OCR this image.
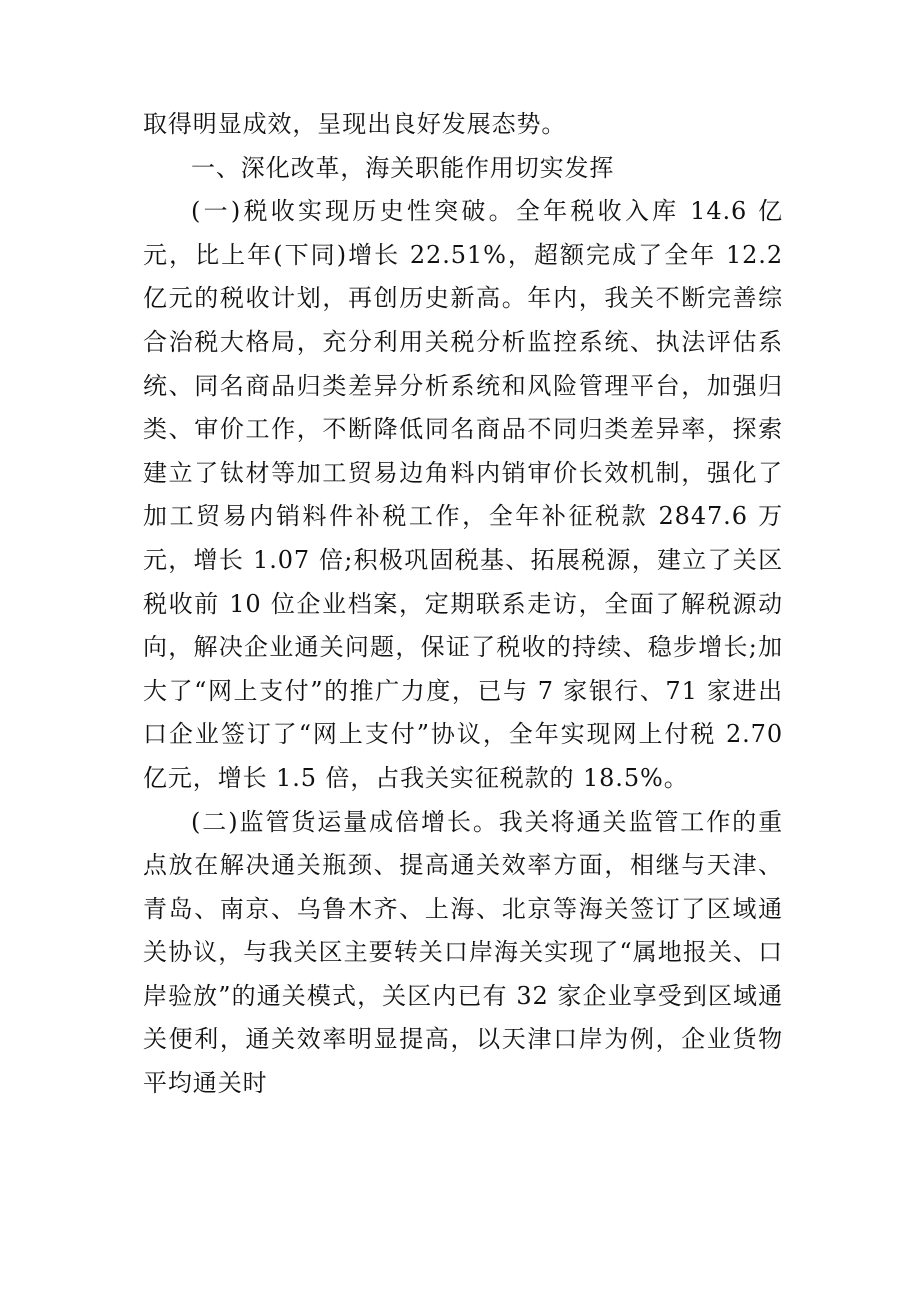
取得明显成效，呈现出良好发展态势。

一、深化改革，海关职能作用切实发挥

(一)税收实现历史性突破。全年税收入库 14.6 亿元，比上年(下同)增长 22.51%，超额完成了全年 12.2 亿元的税收计划，再创历史新高。年内，我关不断完善综合治税大格局，充分利用关税分析监控系统、执法评估系统、同名商品归类差异分析系统和风险管理平台，加强归类、审价工作，不断降低同名商品不同归类差异率，探索建立了钛材等加工贸易边角料内销审价长效机制，强化了加工贸易内销料件补税工作，全年补征税款 2847.6 万元，增长 1.07 倍;积极巩固税基、拓展税源，建立了关区税收前 10 位企业档案，定期联系走访，全面了解税源动向，解决企业通关问题，保证了税收的持续、稳步增长;加大了“网上支付”的推广力度，已与 7 家银行、71 家进出口企业签订了“网上支付”协议，全年实现网上付税 2.70 亿元，增长 1.5 倍，占我关实征税款的 18.5%。

(二)监管货运量成倍增长。我关将通关监管工作的重点放在解决通关瓶颈、提高通关效率方面，相继与天津、青岛、南京、乌鲁木齐、上海、北京等海关签订了区域通关协议，与我关区主要转关口岸海关实现了“属地报关、口岸验放”的通关模式，关区内已有 32 家企业享受到区域通关便利，通关效率明显提高，以天津口岸为例，企业货物平均通关时
